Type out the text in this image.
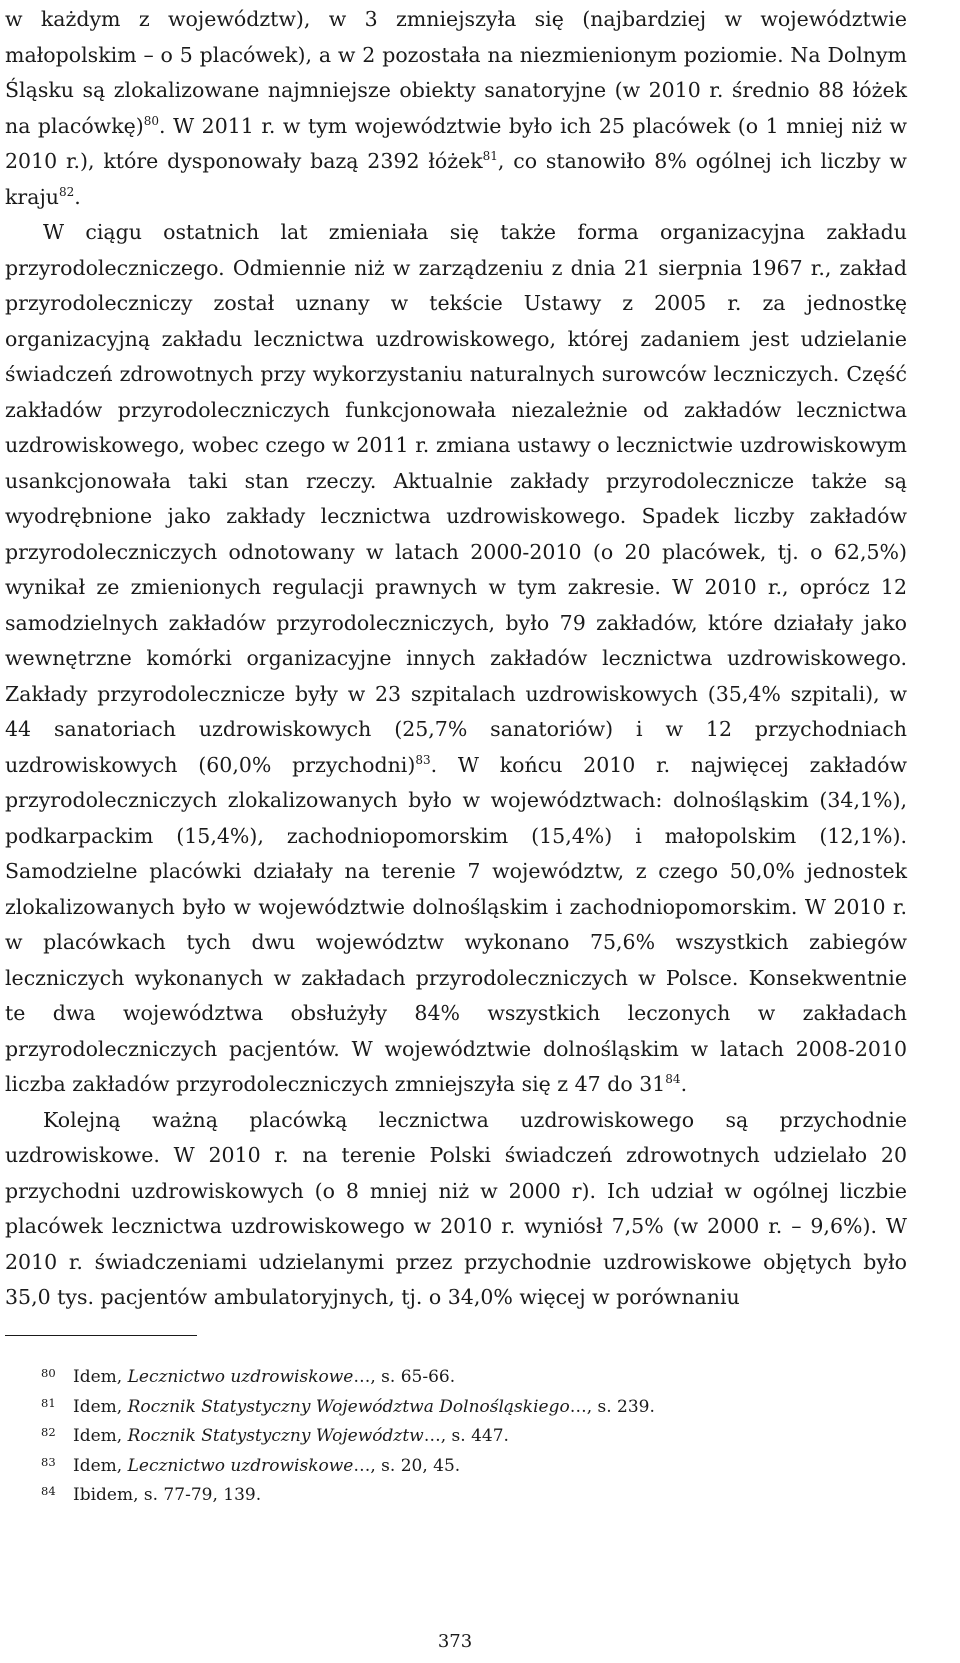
w każdym z województw), w 3 zmniejszyła się (najbardziej w województwie małopolskim – o 5 placówek), a w 2 pozostała na niezmienionym poziomie. Na Dolnym Śląsku są zlokalizowane najmniejsze obiekty sanatoryjne (w 2010 r. średnio 88 łóżek na placówkę)$^{80}$. W 2011 r. w tym województwie było ich 25 placówek (o 1 mniej niż w 2010 r.), które dysponowały bazą 2392 łóżek$^{81}$, co stanowiło 8% ogólnej ich liczby w kraju$^{82}$.

W ciągu ostatnich lat zmieniała się także forma organizacyjna zakładu przyrodoleczniczego. Odmiennie niż w zarządzeniu z dnia 21 sierpnia 1967 r., zakład przyrodoleczniczy został uznany w tekście Ustawy z 2005 r. za jednostkę organizacyjną zakładu lecznictwa uzdrowiskowego, której zadaniem jest udzielanie świadczeń zdrowotnych przy wykorzystaniu naturalnych surowców leczniczych. Część zakładów przyrodoleczniczych funkcjonowała niezależnie od zakładów lecznictwa uzdrowiskowego, wobec czego w 2011 r. zmiana ustawy o lecznictwie uzdrowiskowym usankcjonowała taki stan rzeczy. Aktualnie zakłady przyrodolecznicze także są wyodrębnione jako zakłady lecznictwa uzdrowiskowego. Spadek liczby zakładów przyrodoleczniczych odnotowany w latach 2000-2010 (o 20 placówek, tj. o 62,5%) wynikał ze zmienionych regulacji prawnych w tym zakresie. W 2010 r., oprócz 12 samodzielnych zakładów przyrodoleczniczych, było 79 zakładów, które działały jako wewnętrzne komórki organizacyjne innych zakładów lecznictwa uzdrowiskowego. Zakłady przyrodolecznicze były w 23 szpitalach uzdrowiskowych (35,4% szpitali), w 44 sanatoriach uzdrowiskowych (25,7% sanatoriów) i w 12 przychodniach uzdrowiskowych (60,0% przychodni)$^{83}$. W końcu 2010 r. najwięcej zakładów przyrodoleczniczych zlokalizowanych było w województwach: dolnośląskim (34,1%), podkarpackim (15,4%), zachodniopomorskim (15,4%) i małopolskim (12,1%). Samodzielne placówki działały na terenie 7 województw, z czego 50,0% jednostek zlokalizowanych było w województwie dolnośląskim i zachodniopomorskim. W 2010 r. w placówkach tych dwu województw wykonano 75,6% wszystkich zabiegów leczniczych wykonanych w zakładach przyrodoleczniczych w Polsce. Konsekwentnie te dwa województwa obsłużyły 84% wszystkich leczonych w zakładach przyrodoleczniczych pacjentów. W województwie dolnośląskim w latach 2008-2010 liczba zakładów przyrodoleczniczych zmniejszyła się z 47 do $31^{84}$.

Kolejną ważną placówką lecznictwa uzdrowiskowego są przychodnie uzdrowiskowe. W 2010 r. na terenie Polski świadczeń zdrowotnych udzielało 20 przychodni uzdrowiskowych (o 8 mniej niż w 2000 r). Ich udział w ogólnej liczbie placówek lecznictwa uzdrowiskowego w 2010 r. wyniósł 7,5% (w 2000 r. – 9,6%). W 2010 r. świadczeniami udzielanymi przez przychodnie uzdrowiskowe objętych było 35,0 tys. pacjentów ambulatoryjnych, tj. o 34,0% więcej w porównaniu

80 Idem, Lecznictwo uzdrowiskowe…, s. 65-66.
81 Idem, Rocznik Statystyczny Województwa Dolnośląskiego…, s. 239.
82 Idem, Rocznik Statystyczny Województw…, s. 447.
83 Idem, Lecznictwo uzdrowiskowe…, s. 20, 45.
84 Ibidem, s. 77-79, 139.
373
